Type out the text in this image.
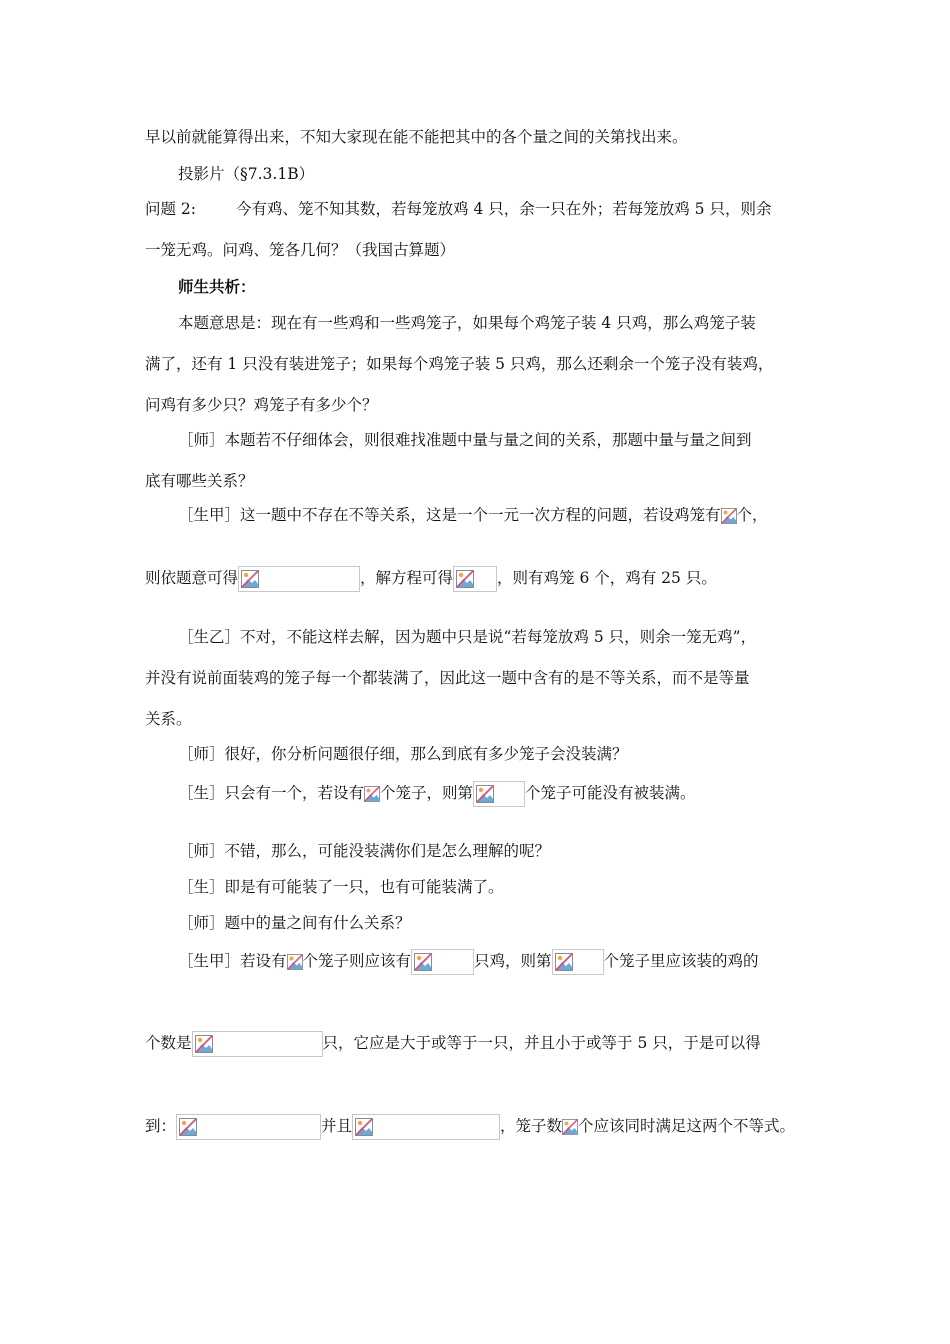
早以前就能算得出来，不知大家现在能不能把其中的各个量之间的关第找出来。
投影片（§7.3.1B）
问题 2:	今有鸡、笼不知其数，若每笼放鸡 4 只，余一只在外；若每笼放鸡 5 只，则余
一笼无鸡。问鸡、笼各几何？（我国古算题）
师生共析：
本题意思是：现在有一些鸡和一些鸡笼子，如果每个鸡笼子装 4 只鸡，那么鸡笼子装
满了，还有 1 只没有装进笼子；如果每个鸡笼子装 5 只鸡，那么还剩余一个笼子没有装鸡，
问鸡有多少只？鸡笼子有多少个？
［师］本题若不仔细体会，则很难找准题中量与量之间的关系，那题中量与量之间到
底有哪些关系？
［生甲］这一题中不存在不等关系，这是一个一元一次方程的问题，若设鸡笼有 个，
则依题意可得	，解方程可得	，则有鸡笼 6 个，鸡有 25 只。
［生乙］不对，不能这样去解，因为题中只是说“若每笼放鸡 5 只，则余一笼无鸡”，
并没有说前面装鸡的笼子每一个都装满了，因此这一题中含有的是不等关系，而不是等量
关系。
［师］很好，你分析问题很仔细，那么到底有多少笼子会没装满？
［生］只会有一个，若设有 个笼子，则第	个笼子可能没有被装满。
［师］不错，那么，可能没装满你们是怎么理解的呢？
［生］即是有可能装了一只，也有可能装满了。
［师］题中的量之间有什么关系？
［生甲］若设有 个笼子则应该有	只鸡，则第	个笼子里应该装的鸡的
个数是	只，它应是大于或等于一只，并且小于或等于 5 只，于是可以得
到：	并且	，笼子数 个应该同时满足这两个不等式。
